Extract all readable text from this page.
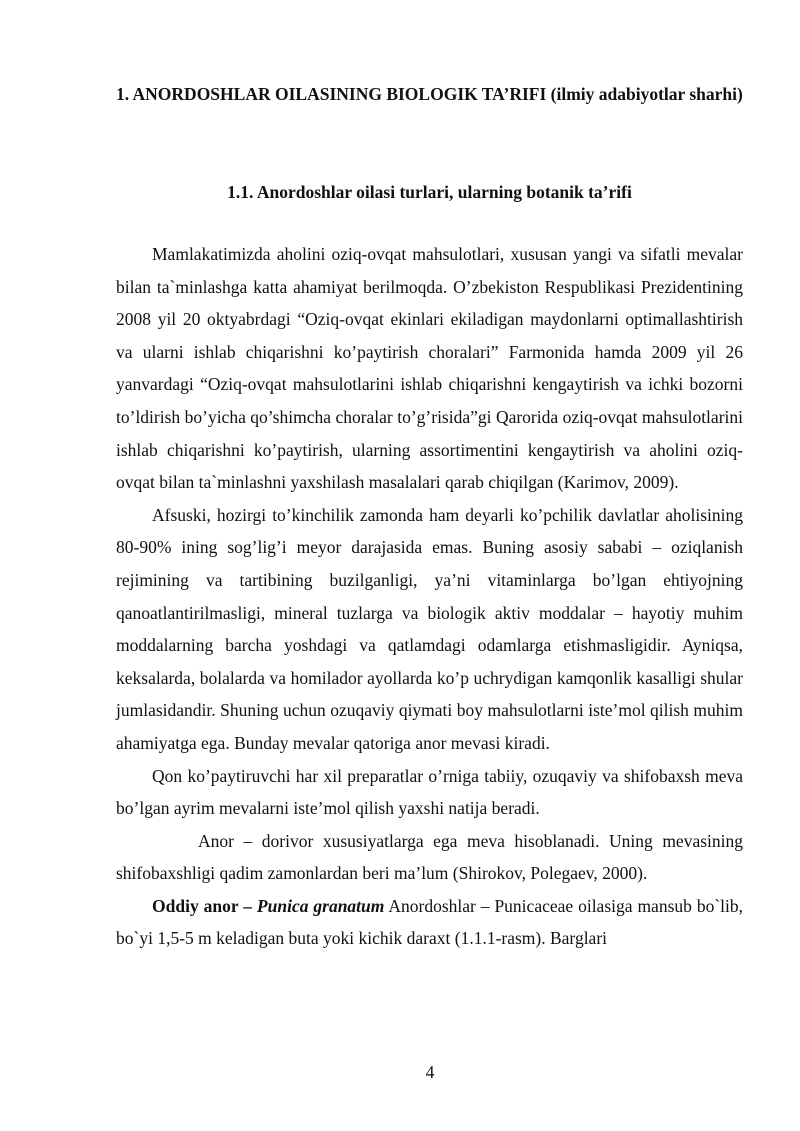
1. ANORDOSHLAR OILASINING BIOLOGIK TA’RIFI (ilmiy adabiyotlar sharhi)
1.1. Anordoshlar oilasi turlari, ularning botanik ta’rifi

Mamlakatimizda aholini oziq-ovqat mahsulotlari, xususan yangi va sifatli mevalar bilan ta`minlashga katta ahamiyat berilmoqda. O’zbekiston Respublikasi Prezidentining 2008 yil 20 oktyabrdagi “Oziq-ovqat ekinlari ekiladigan maydonlarni optimallashtirish va ularni ishlab chiqarishni ko’paytirish choralari” Farmonida hamda 2009 yil 26 yanvardagi “Oziq-ovqat mahsulotlarini ishlab chiqarishni kengaytirish va ichki bozorni to’ldirish bo’yicha qo’shimcha choralar to’g’risida”gi Qarorida oziq-ovqat mahsulotlarini ishlab chiqarishni ko’paytirish, ularning assortimentini kengaytirish va aholini oziq-ovqat bilan ta`minlashni yaxshilash masalalari qarab chiqilgan (Karimov, 2009).

Afsuski, hozirgi to’kinchilik zamonda ham deyarli ko’pchilik davlatlar aholisining 80-90% ining sog’lig’i meyor darajasida emas. Buning asosiy sababi – oziqlanish rejimining va tartibining buzilganligi, ya’ni vitaminlarga bo’lgan ehtiyojning qanoatlantirilmasligi, mineral tuzlarga va biologik aktiv moddalar – hayotiy muhim moddalarning barcha yoshdagi va qatlamdagi odamlarga etishmasligidir. Ayniqsa, keksalarda, bolalarda va homilador ayollarda ko’p uchrydigan kamqonlik kasalligi shular jumlasidandir. Shuning uchun ozuqaviy qiymati boy mahsulotlarni iste’mol qilish muhim ahamiyatga ega. Bunday mevalar qatoriga anor mevasi kiradi.

Qon ko’paytiruvchi har xil preparatlar o’rniga tabiiy, ozuqaviy va shifobaxsh meva bo’lgan ayrim mevalarni iste’mol qilish yaxshi natija beradi.

Anor – dorivor xususiyatlarga ega meva hisoblanadi. Uning mevasining shifobaxshligi qadim zamonlardan beri ma’lum (Shirokov, Polegaev, 2000).

Oddiy anor – Punica granatum Anordoshlar – Punicaceae oilasiga mansub bo`lib, bo`yi 1,5-5 m keladigan buta yoki kichik daraxt (1.1.1-rasm). Barglari

4
